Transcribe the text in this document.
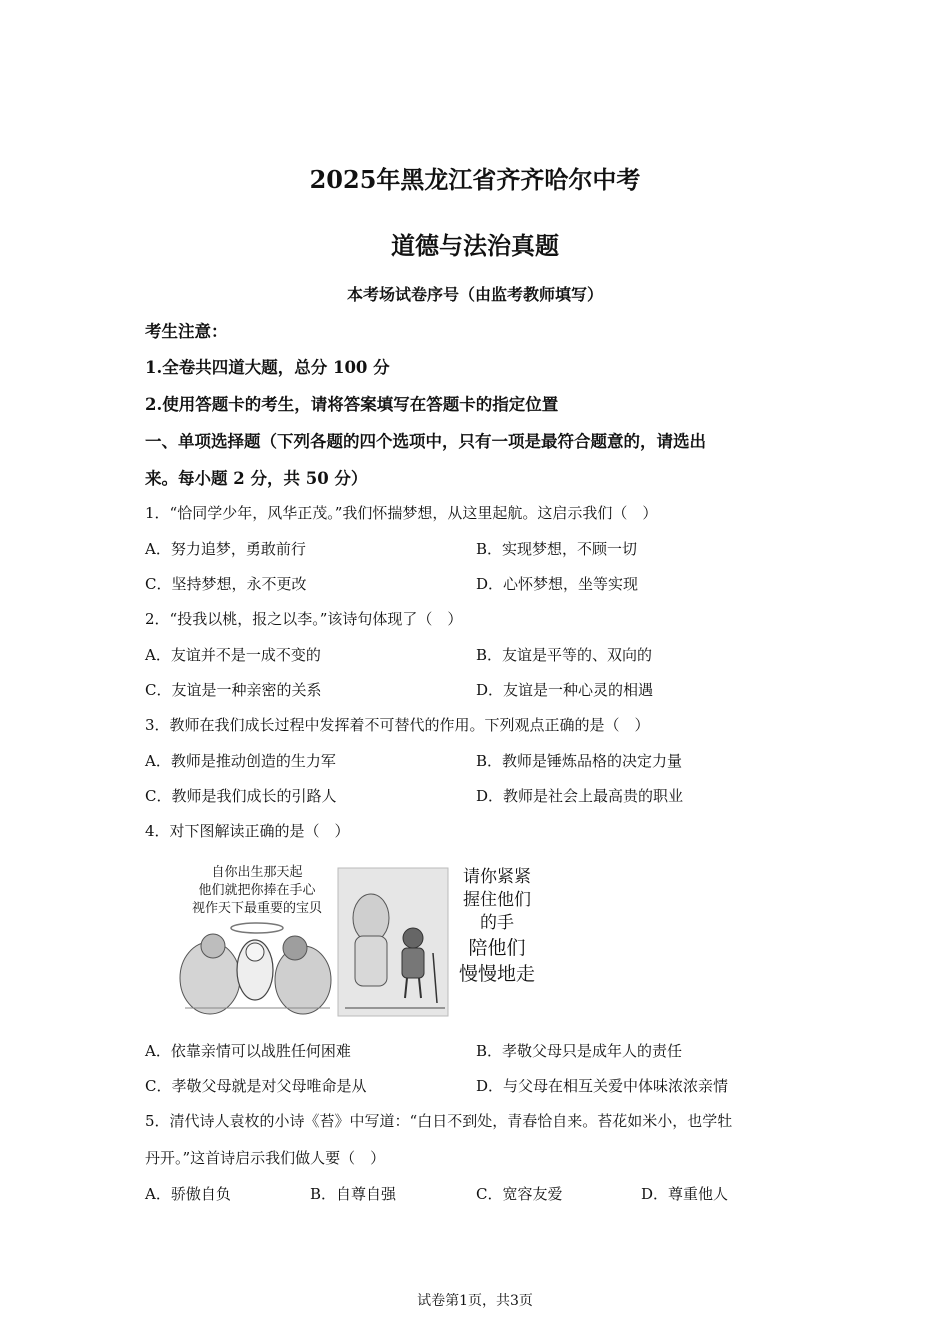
2025年黑龙江省齐齐哈尔中考
道德与法治真题
本考场试卷序号（由监考教师填写）
考生注意：
1.全卷共四道大题，总分 100 分
2.使用答题卡的考生，请将答案填写在答题卡的指定位置
一、单项选择题（下列各题的四个选项中，只有一项是最符合题意的，请选出
来。每小题 2 分，共 50 分）
1．“恰同学少年，风华正茂。”我们怀揣梦想，从这里起航。这启示我们（　）
A．努力追梦，勇敢前行	B．实现梦想，不顾一切
C．坚持梦想，永不更改	D．心怀梦想，坐等实现
2．“投我以桃，报之以李。”该诗句体现了（　）
A．友谊并不是一成不变的	B．友谊是平等的、双向的
C．友谊是一种亲密的关系	D．友谊是一种心灵的相遇
3．教师在我们成长过程中发挥着不可替代的作用。下列观点正确的是（　）
A．教师是推动创造的生力军	B．教师是锤炼品格的决定力量
C．教师是我们成长的引路人	D．教师是社会上最高贵的职业
4．对下图解读正确的是（　）
自你出生那天起
他们就把你捧在手心
视作天下最重要的宝贝
请你紧紧
握住他们
的手
陪他们
慢慢地走
A．依靠亲情可以战胜任何困难	B．孝敬父母只是成年人的责任
C．孝敬父母就是对父母唯命是从	D．与父母在相互关爱中体味浓浓亲情
5．清代诗人袁枚的小诗《苔》中写道：“白日不到处，青春恰自来。苔花如米小，也学牡
丹开。”这首诗启示我们做人要（　）
A．骄傲自负	B．自尊自强	C．宽容友爱	D．尊重他人
试卷第1页，共3页
